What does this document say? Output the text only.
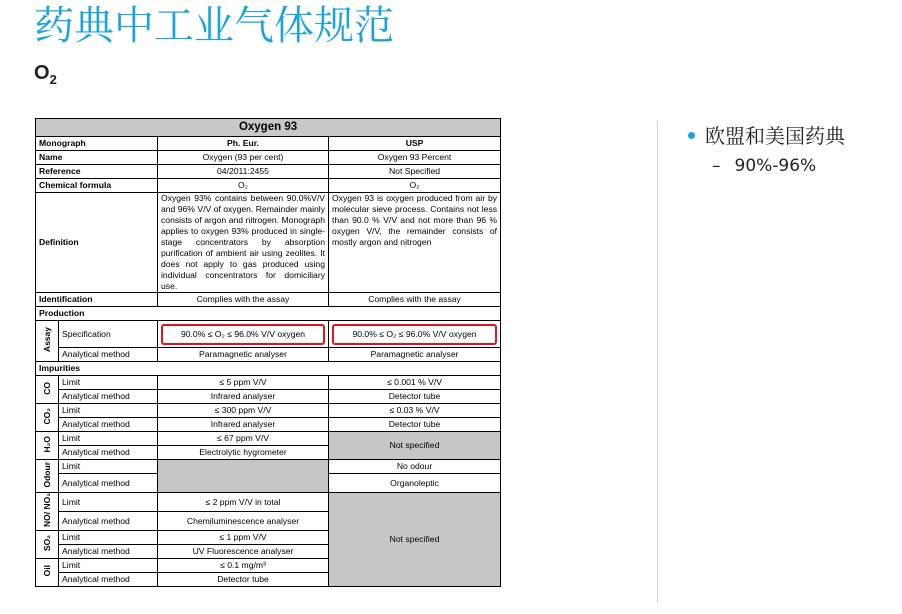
药典中工业气体规范
$O_2$
欧盟和美国药典
– 90%-96%
Oxygen 93			
Monograph		Ph. Eur.	USP
Name		Oxygen (93 per cent)	Oxygen 93 Percent
Reference		04/2011:2455	Not Specified
Chemical formula		O₂	O₂
Definition		Oxygen 93% contains between 90.0%V/V and 96% V/V of oxygen. Remainder mainly consists of argon and nitrogen. Monograph applies to oxygen 93% produced in single-stage concentrators by absorption purification of ambient air using zeolites. It does not apply to gas produced using individual concentrators for domiciliary use.	Oxygen 93 is oxygen produced from air by molecular sieve process. Contains not less than 90.0 % V/V and not more than 96 % oxygen V/V, the remainder consists of mostly argon and nitrogen
Identification		Complies with the assay	Complies with the assay
Production			
Assay	Specification	90.0% ≤ O₂ ≤ 96.0% V/V oxygen	90.0% ≤ O₂ ≤ 96.0% V/V oxygen

	Analytical method	Paramagnetic analyser	Paramagnetic analyser
Impurities			
CO	Limit	≤ 5 ppm V/V	≤ 0.001 % V/V
	Analytical method	Infrared analyser	Detector tube
CO₂	Limit	≤ 300 ppm V/V	≤ 0.03 % V/V
	Analytical method	Infrared analyser	Detector tube
H₂O	Limit	≤ 67 ppm V/V	Not specified
	Analytical method	Electrolytic hygrometer	
Odour	Limit		No odour
	Analytical method		Organoleptic
NO/ NO₂	Limit	≤ 2 ppm V/V in total	Not specified
	Analytical method	Chemiluminescence analyser	
SO₂	Limit	≤ 1 ppm V/V	
	Analytical method	UV Fluorescence analyser	
Oil	Limit	≤ 0.1 mg/m³	
	Analytical method	Detector tube	
